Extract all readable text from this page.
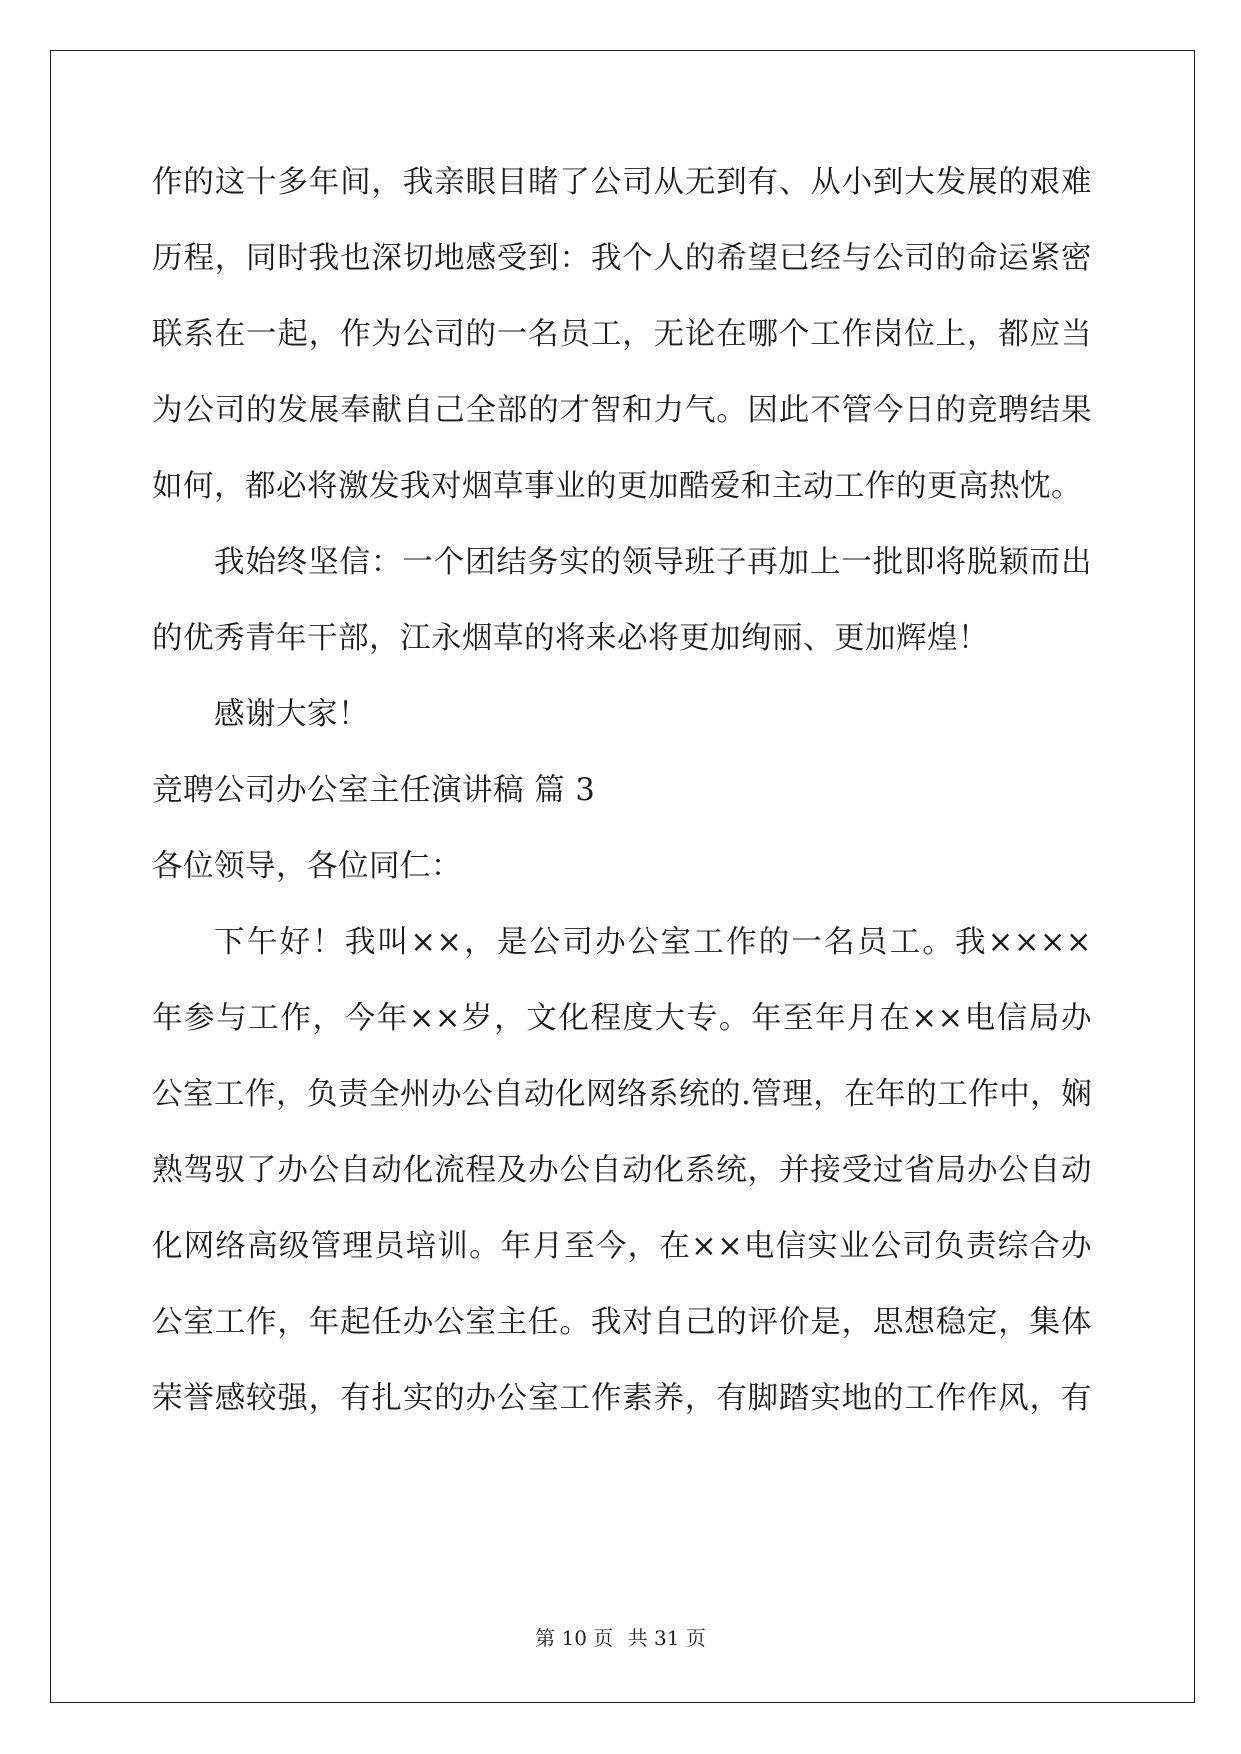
作的这十多年间，我亲眼目睹了公司从无到有、从小到大发展的艰难
历程，同时我也深切地感受到：我个人的希望已经与公司的命运紧密
联系在一起，作为公司的一名员工，无论在哪个工作岗位上，都应当
为公司的发展奉献自己全部的才智和力气。因此不管今日的竞聘结果
如何，都必将激发我对烟草事业的更加酷爱和主动工作的更高热忱。
我始终坚信：一个团结务实的领导班子再加上一批即将脱颖而出
的优秀青年干部，江永烟草的将来必将更加绚丽、更加辉煌！
感谢大家！
竞聘公司办公室主任演讲稿 篇 3
各位领导，各位同仁：
下午好！我叫××，是公司办公室工作的一名员工。我××××
年参与工作，今年××岁，文化程度大专。年至年月在××电信局办
公室工作，负责全州办公自动化网络系统的.管理，在年的工作中，娴
熟驾驭了办公自动化流程及办公自动化系统，并接受过省局办公自动
化网络高级管理员培训。年月至今，在××电信实业公司负责综合办
公室工作，年起任办公室主任。我对自己的评价是，思想稳定，集体
荣誉感较强，有扎实的办公室工作素养，有脚踏实地的工作作风，有
第 10 页 共 31 页
